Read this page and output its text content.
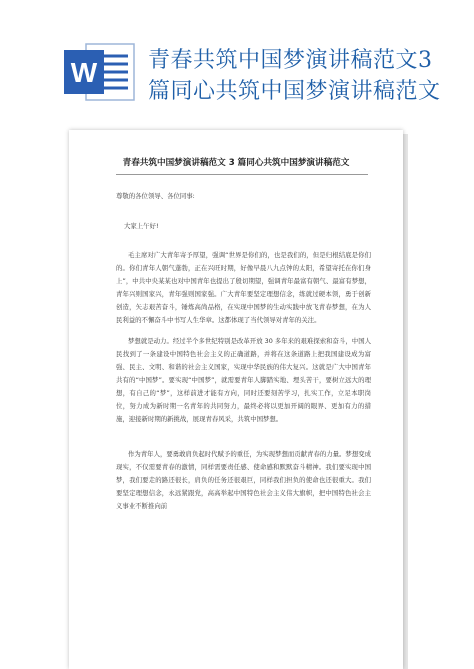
W 青春共筑中国梦演讲稿范文3
篇同心共筑中国梦演讲稿范文
青春共筑中国梦演讲稿范文 3 篇同心共筑中国梦演讲稿范文
尊敬的各位领导、各位同事:
大家上午好!
毛主席对广大青年寄予厚望，强调“世界是你们的，也是我们的，但是归根结底是你们的。你们青年人朝气蓬勃，正在兴旺时期，好像早晨八九点钟的太阳，希望寄托在你们身上”，中共中央某某也对中国青年也提出了殷切期望，强调青年最富有朝气、最富有梦想，青年兴则国家兴，青年强则国家强。广大青年要坚定理想信念，练就过硬本领，勇于创新创造，矢志艰苦奋斗，锤炼高尚品格，在实现中国梦的生动实践中放飞青春梦想，在为人民利益的不懈奋斗中书写人生华章。这都体现了当代领导对青年的关注。
梦想就是动力。经过半个多世纪特别是改革开放 30 多年来的艰难探索和奋斗，中国人民找到了一条建设中国特色社会主义的正确道路，并将在这条道路上把我国建设成为富强、民主、文明、和谐的社会主义国家，实现中华民族的伟大复兴。这就是广大中国青年共有的“中国梦”。要实现“中国梦”，就需要青年人脚踏实地、埋头苦干，要树立远大的理想，有自己的“梦”，这样前进才能有方向，同时还要刻苦学习，扎实工作，立足本职岗位，努力成为新时期一名青年的共同努力，最终必将以更加开阔的眼界、更加有力的措施，迎接新时期的新挑战，展现青春风采，共筑中国梦想。
作为青年人，要勇敢肩负起时代赋予的重任，为实现梦想而贡献青春的力量。梦想变成现实，不仅需要青春的激情，同样需要责任感、使命感和默默奋斗精神。我们要实现中国梦，我们要走的路还很长，肩负的任务还很艰巨，同样我们担负的使命也还很重大。我们要坚定理想信念，永远紧跟党，高高举起中国特色社会主义伟大旗帜，把中国特色社会主义事业不断推向前
